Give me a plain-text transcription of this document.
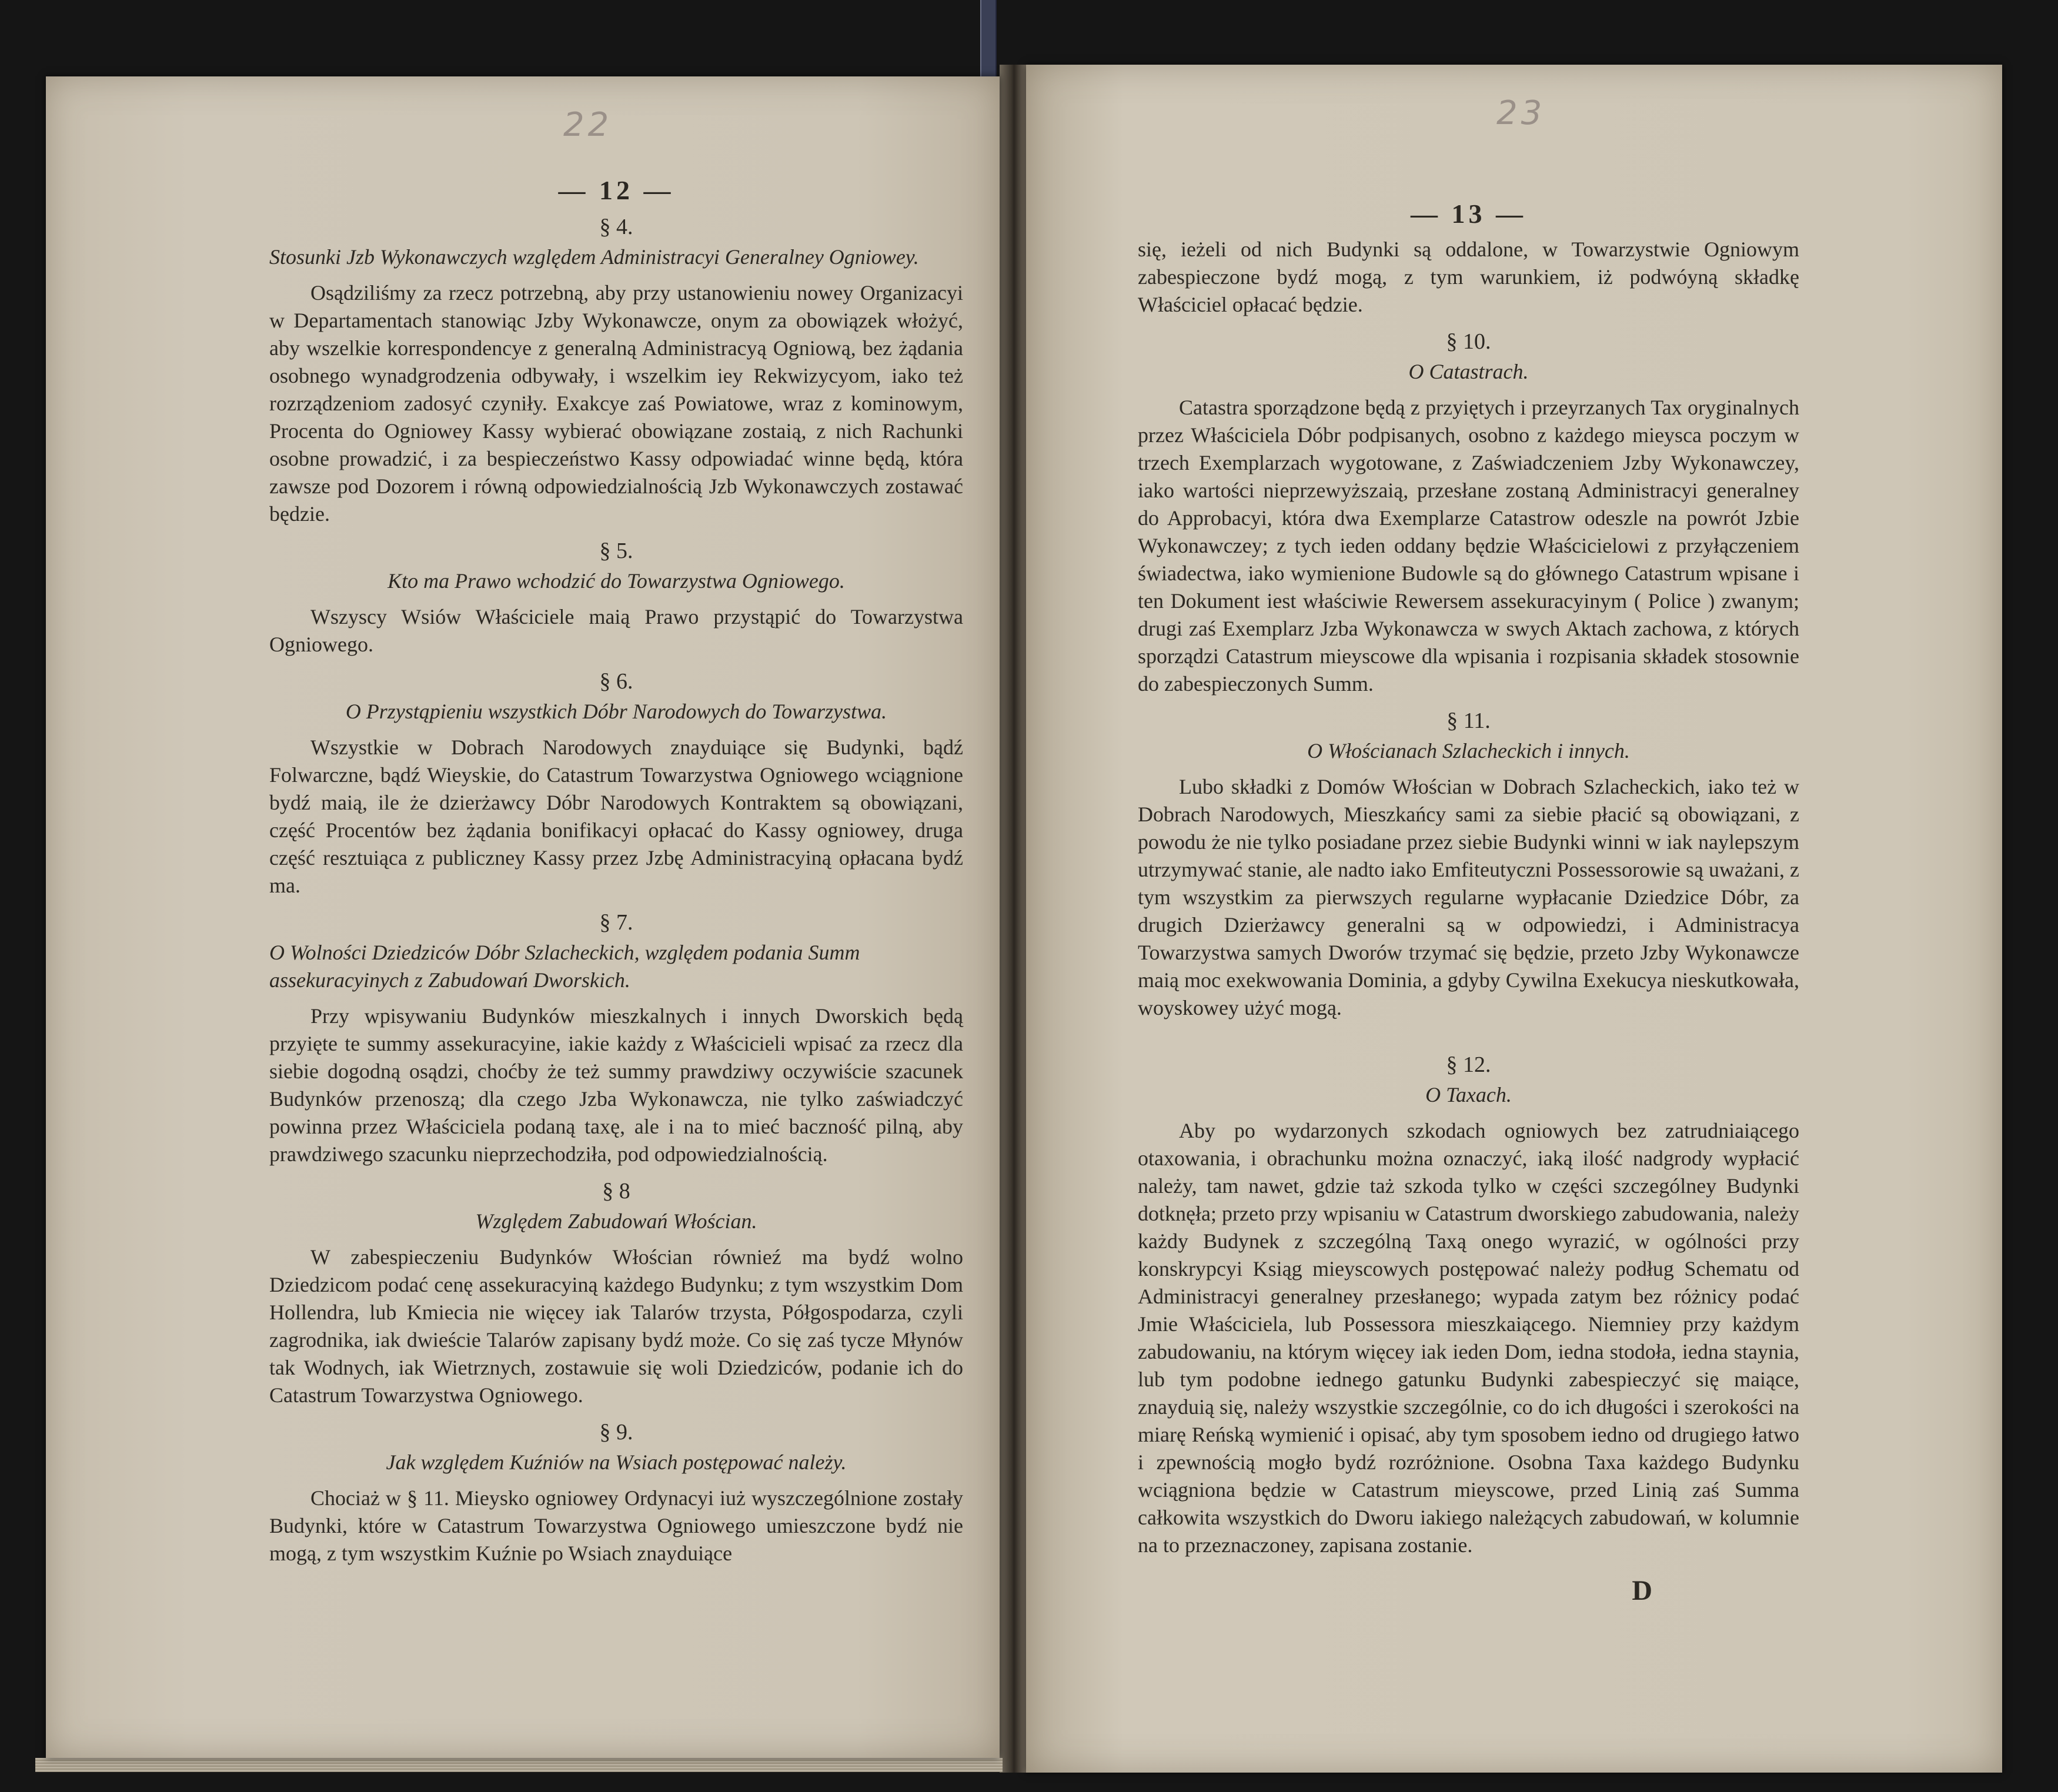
22
— 12 —
§ 4.
Stosunki Jzb Wykonawczych względem Administracyi Generalney Ogniowey.

Osądziliśmy za rzecz potrzebną, aby przy ustanowieniu nowey Organizacyi w Departamentach stanowiąc Jzby Wykonawcze, onym za obowiązek włożyć, aby wszelkie korrespondencye z generalną Administracyą Ogniową, bez żądania osobnego wynadgrodzenia odbywały, i wszelkim iey Rekwizycyom, iako też rozrządzeniom zadosyć czyniły. Exakcye zaś Powiatowe, wraz z kominowym, Procenta do Ogniowey Kassy wybierać obowiązane zostaią, z nich Rachunki osobne prowadzić, i za bespieczeństwo Kassy odpowiadać winne będą, która zawsze pod Dozorem i równą odpowiedzialnością Jzb Wykonawczych zostawać będzie.

§ 5.
Kto ma Prawo wchodzić do Towarzystwa Ogniowego.

Wszyscy Wsiów Właściciele maią Prawo przystąpić do Towarzystwa Ogniowego.

§ 6.
O Przystąpieniu wszystkich Dóbr Narodowych do Towarzystwa.

Wszystkie w Dobrach Narodowych znayduiące się Budynki, bądź Folwarczne, bądź Wieyskie, do Catastrum Towarzystwa Ogniowego wciągnione bydź maią, ile że dzierżawcy Dóbr Narodowych Kontraktem są obowiązani, część Procentów bez żądania bonifikacyi opłacać do Kassy ogniowey, druga część resztuiąca z publiczney Kassy przez Jzbę Administracyiną opłacana bydź ma.

§ 7.
O Wolności Dziedziców Dóbr Szlacheckich, względem podania Summ assekuracyinych z Zabudowań Dworskich.

Przy wpisywaniu Budynków mieszkalnych i innych Dworskich będą przyięte te summy assekuracyine, iakie każdy z Właścicieli wpisać za rzecz dla siebie dogodną osądzi, choćby że też summy prawdziwy oczywiście szacunek Budynków przenoszą; dla czego Jzba Wykonawcza, nie tylko zaświadczyć powinna przez Właściciela podaną taxę, ale i na to mieć baczność pilną, aby prawdziwego szacunku nieprzechodziła, pod odpowiedzialnością.

§ 8
Względem Zabudowań Włościan.

W zabespieczeniu Budynków Włościan równieź ma bydź wolno Dziedzicom podać cenę assekuracyiną każdego Budynku; z tym wszystkim Dom Hollendra, lub Kmiecia nie więcey iak Talarów trzysta, Półgospodarza, czyli zagrodnika, iak dwieście Talarów zapisany bydź może. Co się zaś tycze Młynów tak Wodnych, iak Wietrznych, zostawuie się woli Dziedziców, podanie ich do Catastrum Towarzystwa Ogniowego.

§ 9.
Jak względem Kuźniów na Wsiach postępować należy.

Chociaż w § 11. Mieysko ogniowey Ordynacyi iuż wyszczególnione zostały Budynki, które w Catastrum Towarzystwa Ogniowego umieszczone bydź nie mogą, z tym wszystkim Kuźnie po Wsiach znayduiące

23
— 13 —

się, ieżeli od nich Budynki są oddalone, w Towarzystwie Ogniowym zabespieczone bydź mogą, z tym warunkiem, iż podwóyną składkę Właściciel opłacać będzie.

§ 10.
O Catastrach.

Catastra sporządzone będą z przyiętych i przeyrzanych Tax oryginalnych przez Właściciela Dóbr podpisanych, osobno z każdego mieysca poczym w trzech Exemplarzach wygotowane, z Zaświadczeniem Jzby Wykonawczey, iako wartości nieprzewyższaią, przesłane zostaną Administracyi generalney do Approbacyi, która dwa Exemplarze Catastrow odeszle na powrót Jzbie Wykonawczey; z tych ieden oddany będzie Właścicielowi z przyłączeniem świadectwa, iako wymienione Budowle są do głównego Catastrum wpisane i ten Dokument iest właściwie Rewersem assekuracyinym ( Police ) zwanym; drugi zaś Exemplarz Jzba Wykonawcza w swych Aktach zachowa, z których sporządzi Catastrum mieyscowe dla wpisania i rozpisania składek stosownie do zabespieczonych Summ.

§ 11.
O Włościanach Szlacheckich i innych.

Lubo składki z Domów Włościan w Dobrach Szlacheckich, iako też w Dobrach Narodowych, Mieszkańcy sami za siebie płacić są obowiązani, z powodu że nie tylko posiadane przez siebie Budynki winni w iak nayleрszym utrzymywać stanie, ale nadto iako Emfiteutyczni Possessorowie są uważani, z tym wszystkim za pierwszych regularne wypłacanie Dziedzice Dóbr, za drugich Dzierżawcy generalni są w odpowiedzi, i Administracya Towarzystwa samych Dworów trzymać się będzie, przeto Jzby Wykonawcze maią moc exekwowania Dominia, a gdyby Cywilna Exekucya nieskutkowała, woyskowey użyć mogą.

§ 12.
O Taxach.

Aby po wydarzonych szkodach ogniowych bez zatrudniaiącego otaxowania, i obrachunku można oznaczyć, iaką ilość nadgrody wypłacić należy, tam nawet, gdzie taż szkoda tylko w części szczególney Budynki dotknęła; przeto przy wpisaniu w Catastrum dworskiego zabudowania, należy każdy Budynek z szczególną Taxą onego wyrazić, w ogólności przy konskrypcyi Ksiąg mieyscowych postępować należy podług Schematu od Administracyi generalney przesłanego; wypada zatym bez różnicy podać Jmie Właściciela, lub Possessora mieszkaiącego. Niemniey przy każdym zabudowaniu, na którym więcey iak ieden Dom, iedna stodoła, iedna staynia, lub tym podobne iednego gatunku Budynki zabespieczyć się maiące, znayduią się, należy wszystkie szczególnie, co do ich długości i szerokości na miarę Reńską wymienić i opisać, aby tym sposobem iedno od drugiego łatwo i zpewnością mogło bydź rozróżnione. Osobna Taxa każdego Budynku wciągniona będzie w Catastrum mieyscowe, przed Linią zaś Summa całkowita wszystkich do Dworu iakiego należących zabudowań, w kolumnie na to przeznaczoney, zapisana zostanie.

D
